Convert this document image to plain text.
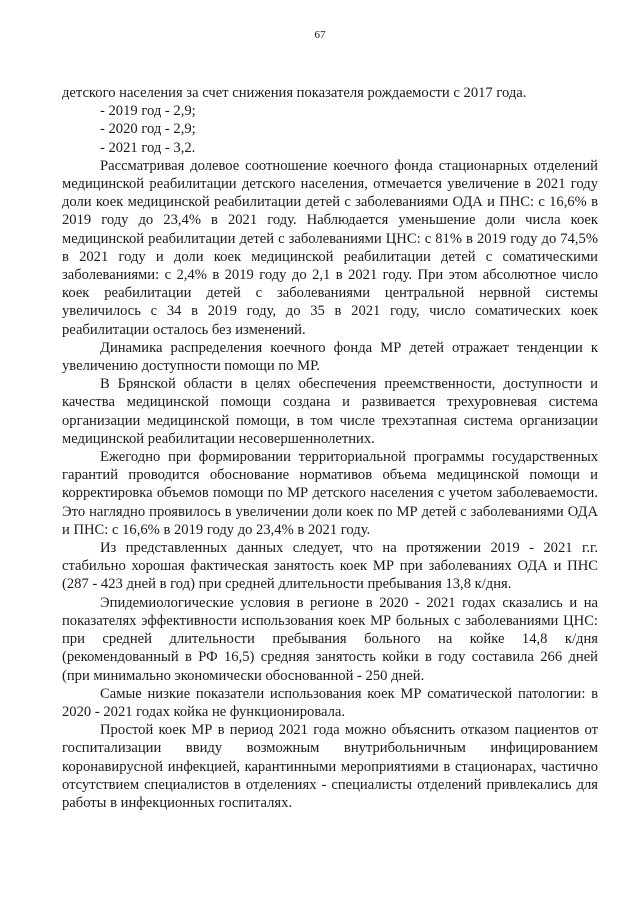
67

детского населения за счет снижения показателя рождаемости с 2017 года.

- 2019 год - 2,9;

- 2020 год - 2,9;

- 2021 год - 3,2.

Рассматривая долевое соотношение коечного фонда стационарных отделений медицинской реабилитации детского населения, отмечается увеличение в 2021 году доли коек медицинской реабилитации детей с заболеваниями ОДА и ПНС: с 16,6% в 2019 году до 23,4% в 2021 году. Наблюдается уменьшение доли числа коек медицинской реабилитации детей с заболеваниями ЦНС: с 81% в 2019 году до 74,5% в 2021 году и доли коек медицинской реабилитации детей с соматическими заболеваниями: с 2,4% в 2019 году до 2,1 в 2021 году. При этом абсолютное число коек реабилитации детей с заболеваниями центральной нервной системы увеличилось с 34 в 2019 году, до 35 в 2021 году, число соматических коек реабилитации осталось без изменений.

Динамика распределения коечного фонда МР детей отражает тенденции к увеличению доступности помощи по МР.

В Брянской области в целях обеспечения преемственности, доступности и качества медицинской помощи создана и развивается трехуровневая система организации медицинской помощи, в том числе трехэтапная система организации медицинской реабилитации несовершеннолетних.

Ежегодно при формировании территориальной программы государственных гарантий проводится обоснование нормативов объема медицинской помощи и корректировка объемов помощи по МР детского населения с учетом заболеваемости. Это наглядно проявилось в увеличении доли коек по МР детей с заболеваниями ОДА и ПНС: с 16,6% в 2019 году до 23,4% в 2021 году.

Из представленных данных следует, что на протяжении 2019 - 2021 г.г. стабильно хорошая фактическая занятость коек МР при заболеваниях ОДА и ПНС (287 - 423 дней в год) при средней длительности пребывания 13,8 к/дня.

Эпидемиологические условия в регионе в 2020 - 2021 годах сказались и на показателях эффективности использования коек МР больных с заболеваниями ЦНС: при средней длительности пребывания больного на койке 14,8 к/дня (рекомендованный в РФ 16,5) средняя занятость койки в году составила 266 дней (при минимально экономически обоснованной - 250 дней.

Самые низкие показатели использования коек МР соматической патологии: в 2020 - 2021 годах койка не функционировала.

Простой коек МР в период 2021 года можно объяснить отказом пациентов от госпитализации ввиду возможным внутрибольничным инфицированием коронавирусной инфекцией, карантинными мероприятиями в стационарах, частично отсутствием специалистов в отделениях - специалисты отделений привлекались для работы в инфекционных госпиталях.
